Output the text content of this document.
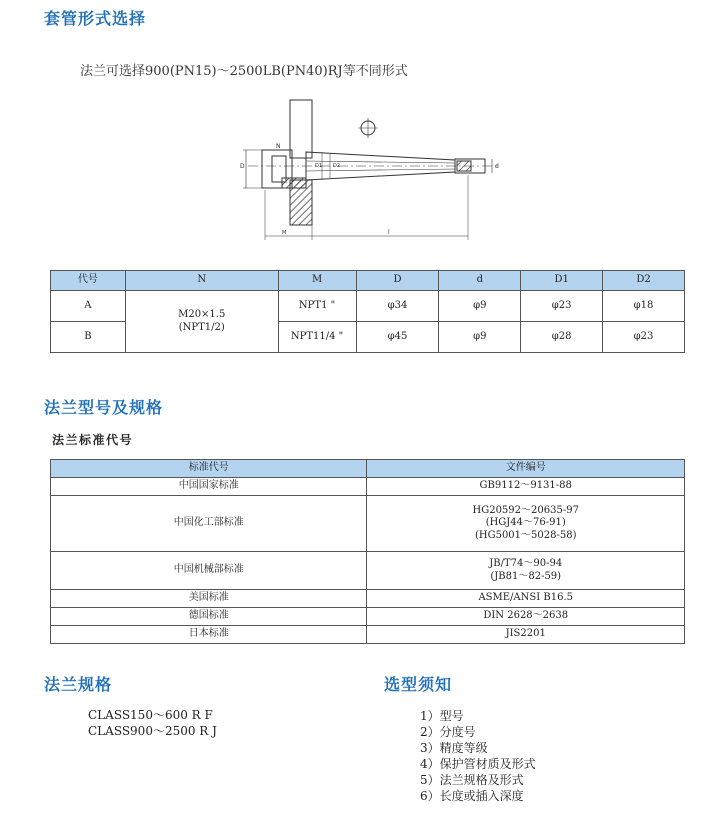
套管形式选择
法兰可选择900(PN15)～2500LB(PN40)RJ等不同形式
代号	N	M	D	d	D1	D2
A	M20×1.5
(NPT1/2)	NPT1 "	φ34	φ9	φ23	φ18
B		NPT11/4 "	φ45	φ9	φ28	φ23
法兰型号及规格
法兰标准代号
标准代号	文件编号
中国国家标准	GB9112～9131-88

中国化工部标准	HG20592～20635-97
(HGJ44～76-91)
(HG5001～5028-58)

中国机械部标准	JB/T74～90-94
(JB81～82-59)

美国标准	ASME/ANSI B16.5

德国标准	DIN 2628～2638

日本标准	JIS2201
法兰规格
CLASS150～600 R F
CLASS900～2500 R J
选型须知
1）型号
2）分度号
3）精度等级
4）保护管材质及形式
5）法兰规格及形式
6）长度或插入深度
D	d
D1 D2
N
M	l
